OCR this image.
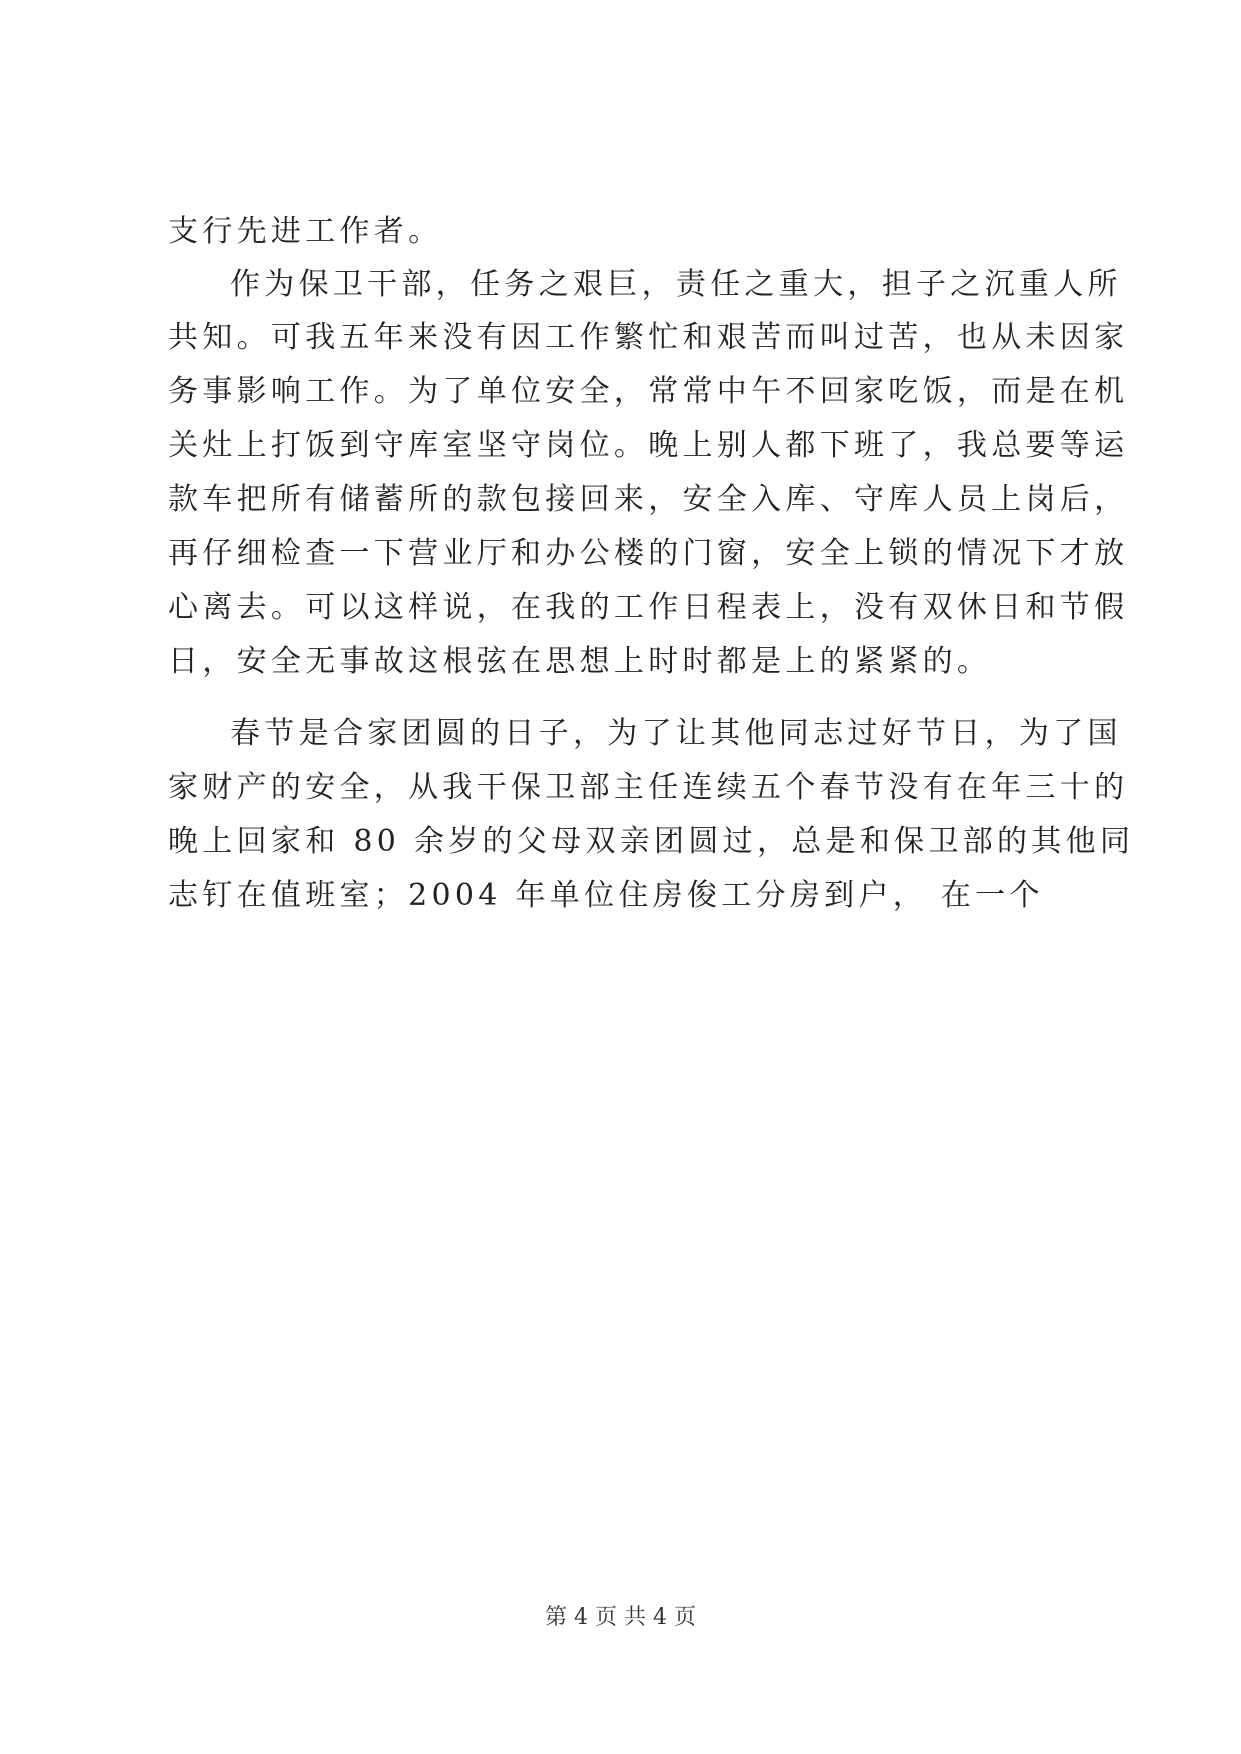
支行先进工作者。
作为保卫干部，任务之艰巨，责任之重大，担子之沉重人所
共知。可我五年来没有因工作繁忙和艰苦而叫过苦，也从未因家
务事影响工作。为了单位安全，常常中午不回家吃饭，而是在机
关灶上打饭到守库室坚守岗位。晚上别人都下班了，我总要等运
款车把所有储蓄所的款包接回来，安全入库、守库人员上岗后，
再仔细检查一下营业厅和办公楼的门窗，安全上锁的情况下才放
心离去。可以这样说，在我的工作日程表上，没有双休日和节假
日，安全无事故这根弦在思想上时时都是上的紧紧的。
春节是合家团圆的日子，为了让其他同志过好节日，为了国
家财产的安全，从我干保卫部主任连续五个春节没有在年三十的
晚上回家和 80 余岁的父母双亲团圆过，总是和保卫部的其他同
志钉在值班室；2004 年单位住房俊工分房到户， 在一个
第 4 页 共 4 页
